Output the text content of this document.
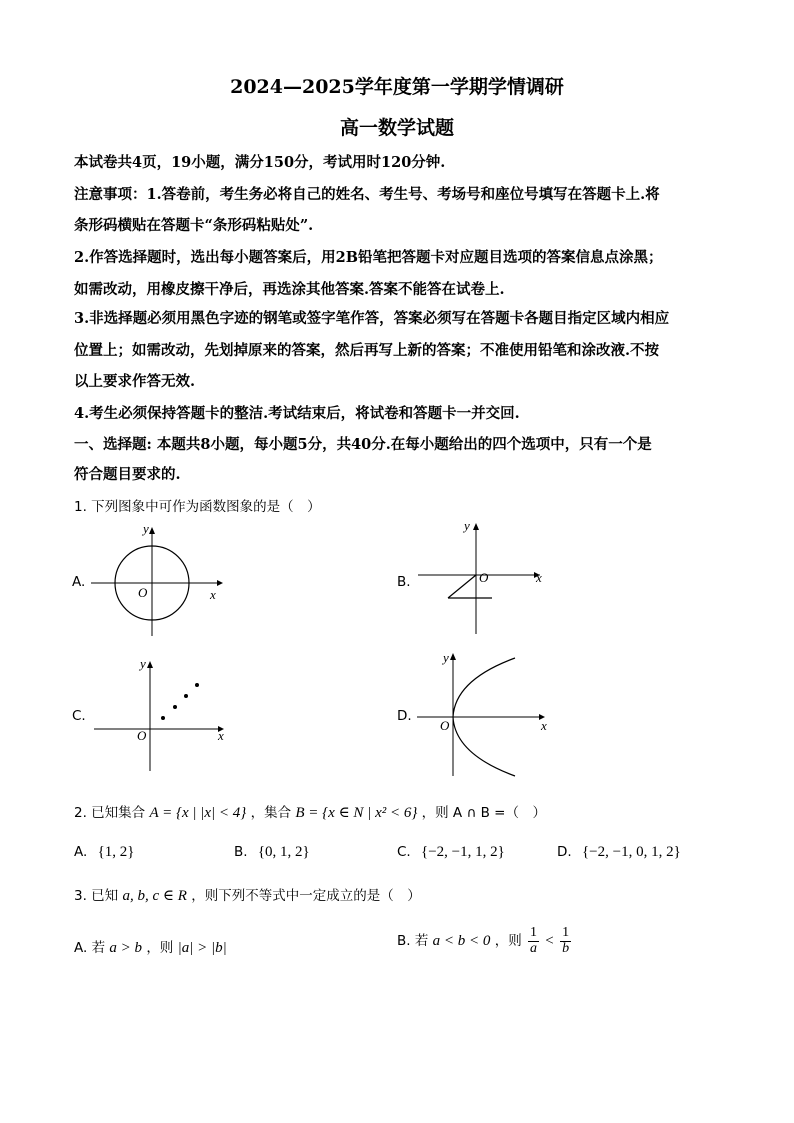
2024—2025学年度第一学期学情调研
高一数学试题
本试卷共4页，19小题，满分150分，考试用时120分钟.
注意事项：1.答卷前，考生务必将自己的姓名、考生号、考场号和座位号填写在答题卡上.将
条形码横贴在答题卡“条形码粘贴处”.
2.作答选择题时，选出每小题答案后，用2B铅笔把答题卡对应题目选项的答案信息点涂黑；
如需改动，用橡皮擦干净后，再选涂其他答案.答案不能答在试卷上.
3.非选择题必须用黑色字迹的钢笔或签字笔作答，答案必须写在答题卡各题目指定区域内相应
位置上；如需改动，先划掉原来的答案，然后再写上新的答案；不准使用铅笔和涂改液.不按
以上要求作答无效.
4.考生必须保持答题卡的整洁.考试结束后，将试卷和答题卡一并交回.
一、选择题: 本题共8小题，每小题5分，共40分.在每小题给出的四个选项中，只有一个是
符合题目要求的.
1. 下列图象中可作为函数图象的是（　）
A.
y
x
O
B.
y
x
O
C.
y
x
O
D.
y
x
O
2. 已知集合 A = {x | |x| < 4} ，集合 B = {x ∈ N | x² < 6} ，则 A ∩ B =（　）
A. {1, 2}	B. {0, 1, 2}	C. {−2, −1, 1, 2}	D. {−2, −1, 0, 1, 2}
3. 已知 a, b, c ∈ R ，则下列不等式中一定成立的是（　）
A. 若 a > b ，则 |a| > |b|	B. 若 a < b < 0 ，则 $\frac{1}{a} < \frac{1}{b}$
